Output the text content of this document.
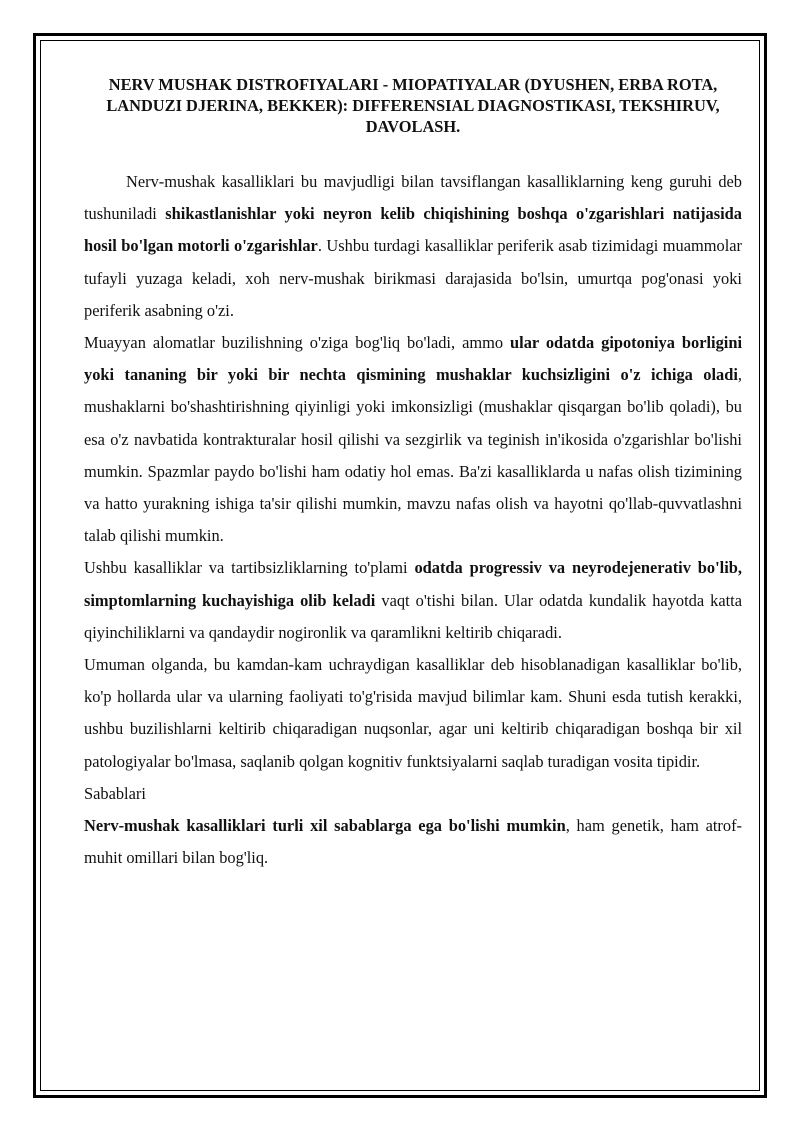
NERV MUSHAK DISTROFIYALARI - MIOPATIYALAR (DYUSHEN, ERBA ROTA, LANDUZI DJERINA, BEKKER): DIFFERENSIAL DIAGNOSTIKASI, TEKSHIRUV, DAVOLASH.

Nerv-mushak kasalliklari bu mavjudligi bilan tavsiflangan kasalliklarning keng guruhi deb tushuniladi shikastlanishlar yoki neyron kelib chiqishining boshqa o'zgarishlari natijasida hosil bo'lgan motorli o'zgarishlar. Ushbu turdagi kasalliklar periferik asab tizimidagi muammolar tufayli yuzaga keladi, xoh nerv-mushak birikmasi darajasida bo'lsin, umurtqa pog'onasi yoki periferik asabning o'zi.

Muayyan alomatlar buzilishning o'ziga bog'liq bo'ladi, ammo ular odatda gipotoniya borligini yoki tananing bir yoki bir nechta qismining mushaklar kuchsizligini o'z ichiga oladi, mushaklarni bo'shashtirishning qiyinligi yoki imkonsizligi (mushaklar qisqargan bo'lib qoladi), bu esa o'z navbatida kontrakturalar hosil qilishi va sezgirlik va teginish in'ikosida o'zgarishlar bo'lishi mumkin. Spazmlar paydo bo'lishi ham odatiy hol emas. Ba'zi kasalliklarda u nafas olish tizimining va hatto yurakning ishiga ta'sir qilishi mumkin, mavzu nafas olish va hayotni qo'llab-quvvatlashni talab qilishi mumkin.

Ushbu kasalliklar va tartibsizliklarning to'plami odatda progressiv va neyrodejenerativ bo'lib, simptomlarning kuchayishiga olib keladi vaqt o'tishi bilan. Ular odatda kundalik hayotda katta qiyinchiliklarni va qandaydir nogironlik va qaramlikni keltirib chiqaradi.

Umuman olganda, bu kamdan-kam uchraydigan kasalliklar deb hisoblanadigan kasalliklar bo'lib, ko'p hollarda ular va ularning faoliyati to'g'risida mavjud bilimlar kam. Shuni esda tutish kerakki, ushbu buzilishlarni keltirib chiqaradigan nuqsonlar, agar uni keltirib chiqaradigan boshqa bir xil patologiyalar bo'lmasa, saqlanib qolgan kognitiv funktsiyalarni saqlab turadigan vosita tipidir.

Sabablari

Nerv-mushak kasalliklari turli xil sabablarga ega bo'lishi mumkin, ham genetik, ham atrof-muhit omillari bilan bog'liq.
